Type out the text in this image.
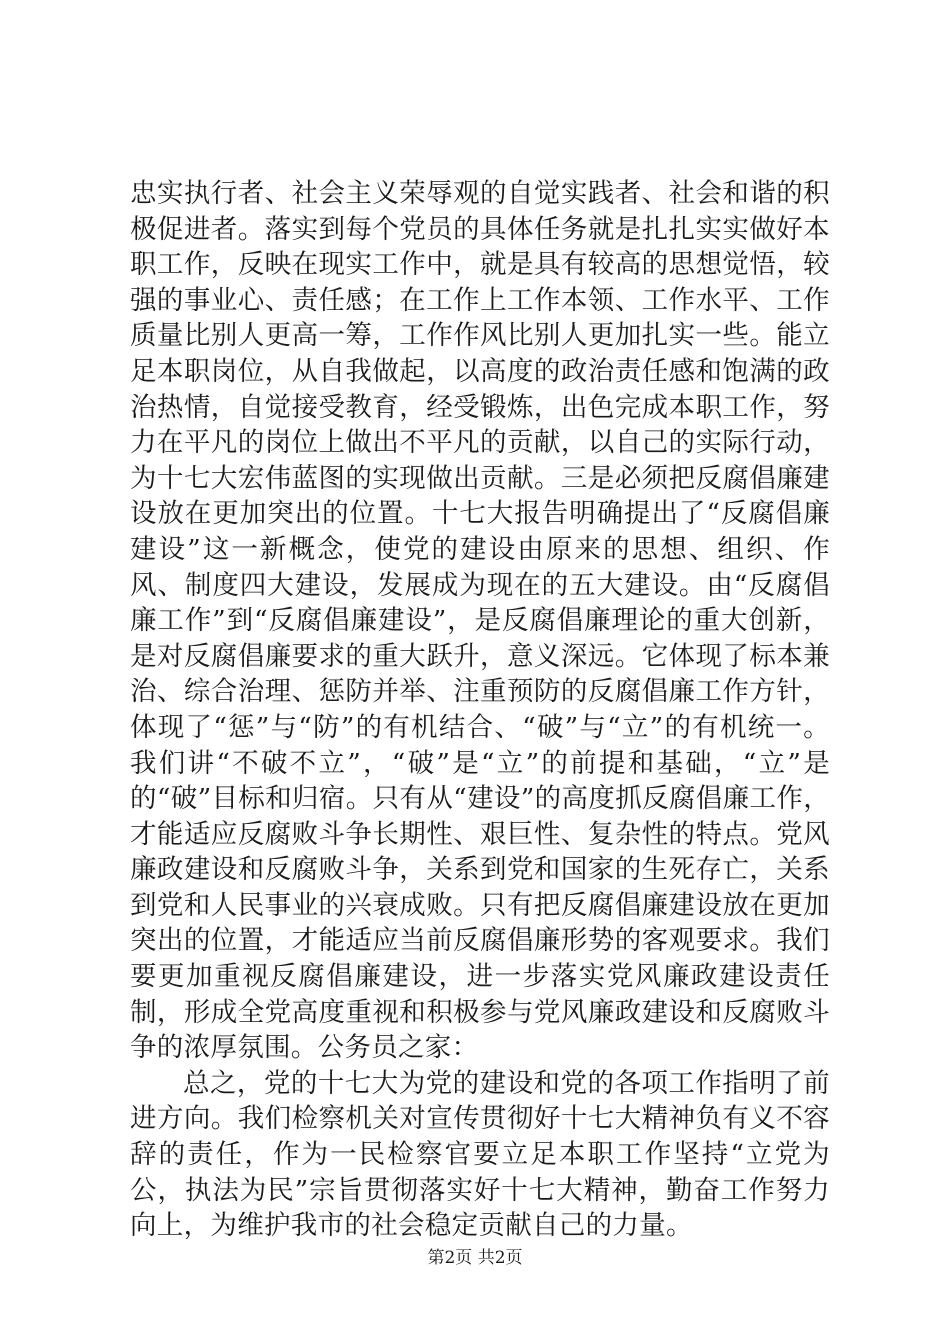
忠实执行者、社会主义荣辱观的自觉实践者、社会和谐的积极促进者。落实到每个党员的具体任务就是扎扎实实做好本职工作，反映在现实工作中，就是具有较高的思想觉悟，较强的事业心、责任感；在工作上工作本领、工作水平、工作质量比别人更高一筹，工作作风比别人更加扎实一些。能立足本职岗位，从自我做起，以高度的政治责任感和饱满的政治热情，自觉接受教育，经受锻炼，出色完成本职工作，努力在平凡的岗位上做出不平凡的贡献，以自己的实际行动，为十七大宏伟蓝图的实现做出贡献。三是必须把反腐倡廉建设放在更加突出的位置。十七大报告明确提出了“反腐倡廉建设”这一新概念，使党的建设由原来的思想、组织、作风、制度四大建设，发展成为现在的五大建设。由“反腐倡廉工作”到“反腐倡廉建设”，是反腐倡廉理论的重大创新，是对反腐倡廉要求的重大跃升，意义深远。它体现了标本兼治、综合治理、惩防并举、注重预防的反腐倡廉工作方针，体现了“惩”与“防”的有机结合、“破”与“立”的有机统一。我们讲“不破不立”，“破”是“立”的前提和基础，“立”是的“破”目标和归宿。只有从“建设”的高度抓反腐倡廉工作，才能适应反腐败斗争长期性、艰巨性、复杂性的特点。党风廉政建设和反腐败斗争，关系到党和国家的生死存亡，关系到党和人民事业的兴衰成败。只有把反腐倡廉建设放在更加突出的位置，才能适应当前反腐倡廉形势的客观要求。我们要更加重视反腐倡廉建设，进一步落实党风廉政建设责任制，形成全党高度重视和积极参与党风廉政建设和反腐败斗争的浓厚氛围。公务员之家：

总之，党的十七大为党的建设和党的各项工作指明了前进方向。我们检察机关对宣传贯彻好十七大精神负有义不容辞的责任，作为一民检察官要立足本职工作坚持“立党为公，执法为民”宗旨贯彻落实好十七大精神，勤奋工作努力向上，为维护我市的社会稳定贡献自己的力量。

第2页 共2页
